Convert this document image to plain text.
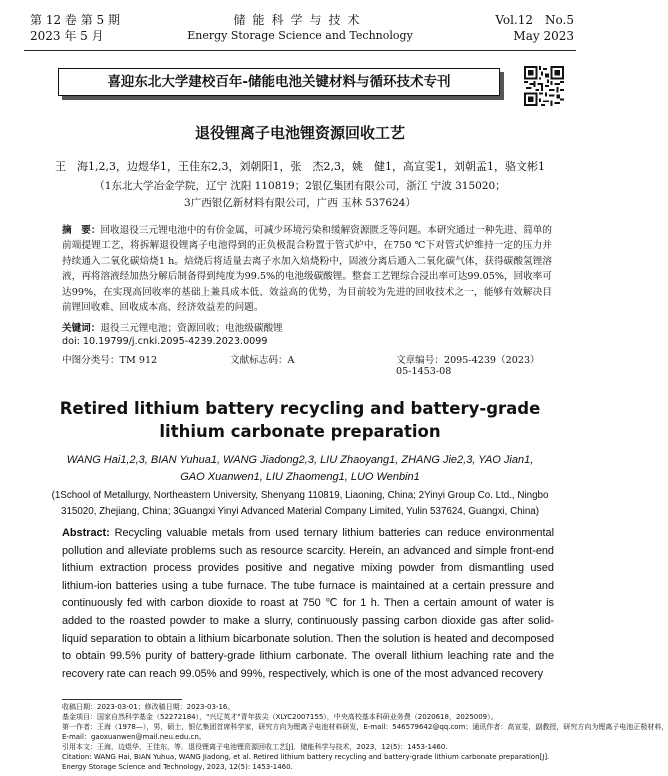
第 12 卷 第 5 期
2023 年 5 月
储能科学与技术
Energy Storage Science and Technology
Vol.12　No.5
May 2023
喜迎东北大学建校百年-储能电池关键材料与循环技术专刊
退役锂离子电池锂资源回收工艺
王　海1,2,3，边煜华1，王佳东2,3，刘朝阳1，张　杰2,3，姚　健1，高宣雯1，刘朝孟1，骆文彬1
（1东北大学冶金学院，辽宁 沈阳 110819；2银亿集团有限公司，浙江 宁波 315020；
3广西银亿新材料有限公司，广西 玉林 537624）
摘　要：回收退役三元锂电池中的有价金属，可减少环境污染和缓解资源匮乏等问题。本研究通过一种先进、简单的前端提锂工艺，将拆解退役锂离子电池得到的正负极混合粉置于管式炉中，在750 ℃下对管式炉维持一定的压力并持续通入二氧化碳焙烧1 h。焙烧后将适量去离子水加入焙烧粉中，固液分离后通入二氧化碳气体，获得碳酸氢锂溶液，再将溶液经加热分解后制备得到纯度为99.5%的电池级碳酸锂。整套工艺锂综合浸出率可达99.05%，回收率可达99%，在实现高回收率的基础上兼具成本低、效益高的优势，为目前较为先进的回收技术之一，能够有效解决目前锂回收难、回收成本高、经济效益差的问题。
关键词：退役三元锂电池；资源回收；电池级碳酸锂
doi: 10.19799/j.cnki.2095-4239.2023.0099
中图分类号：TM 912	文献标志码：A	文章编号：2095-4239（2023）05-1453-08
Retired lithium battery recycling and battery-grade lithium carbonate preparation
WANG Hai1,2,3, BIAN Yuhua1, WANG Jiadong2,3, LIU Zhaoyang1, ZHANG Jie2,3, YAO Jian1,
GAO Xuanwen1, LIU Zhaomeng1, LUO Wenbin1
(1School of Metallurgy, Northeastern University, Shenyang 110819, Liaoning, China; 2Yinyi Group Co. Ltd., Ningbo
315020, Zhejiang, China; 3Guangxi Yinyi Advanced Material Company Limited, Yulin 537624, Guangxi, China)
Abstract: Recycling valuable metals from used ternary lithium batteries can reduce environmental pollution and alleviate problems such as resource scarcity. Herein, an advanced and simple front-end lithium extraction process provides positive and negative mixing powder from dismantling used lithium-ion batteries using a tube furnace. The tube furnace is maintained at a certain pressure and continuously fed with carbon dioxide to roast at 750 ℃ for 1 h. Then a certain amount of water is added to the roasted powder to make a slurry, continuously passing carbon dioxide gas after solid-liquid separation to obtain a lithium bicarbonate solution. Then the solution is heated and decomposed to obtain 99.5% purity of battery-grade lithium carbonate. The overall lithium leaching rate and the recovery rate can reach 99.05% and 99%, respectively, which is one of the most advanced recovery
收稿日期：2023-03-01；修改稿日期：2023-03-16。
基金项目：国家自然科学基金（52272184），"兴辽英才"青年拔尖（XLYC2007155），中央高校基本科研业务费（2020618，2025009）。
第一作者：王海（1978—），男，硕士，银亿集团首席科学家，研究方向为锂离子电池材料研发，E-mail：546579642@qq.com；通讯作者：高宣雯，副教授，研究方向为锂离子电池正极材料，
E-mail：gaoxuanwen@mail.neu.edu.cn。
引用本文：王海，边煜华，王佳东，等．退役锂离子电池锂资源回收工艺[J]．储能科学与技术，2023，12(5)：1453-1460.
Citation: WANG Hai, BIAN Yuhua, WANG Jiadong, et al. Retired lithium battery recycling and battery-grade lithium carbonate preparation[J].
Energy Storage Science and Technology, 2023, 12(5): 1453-1460.
